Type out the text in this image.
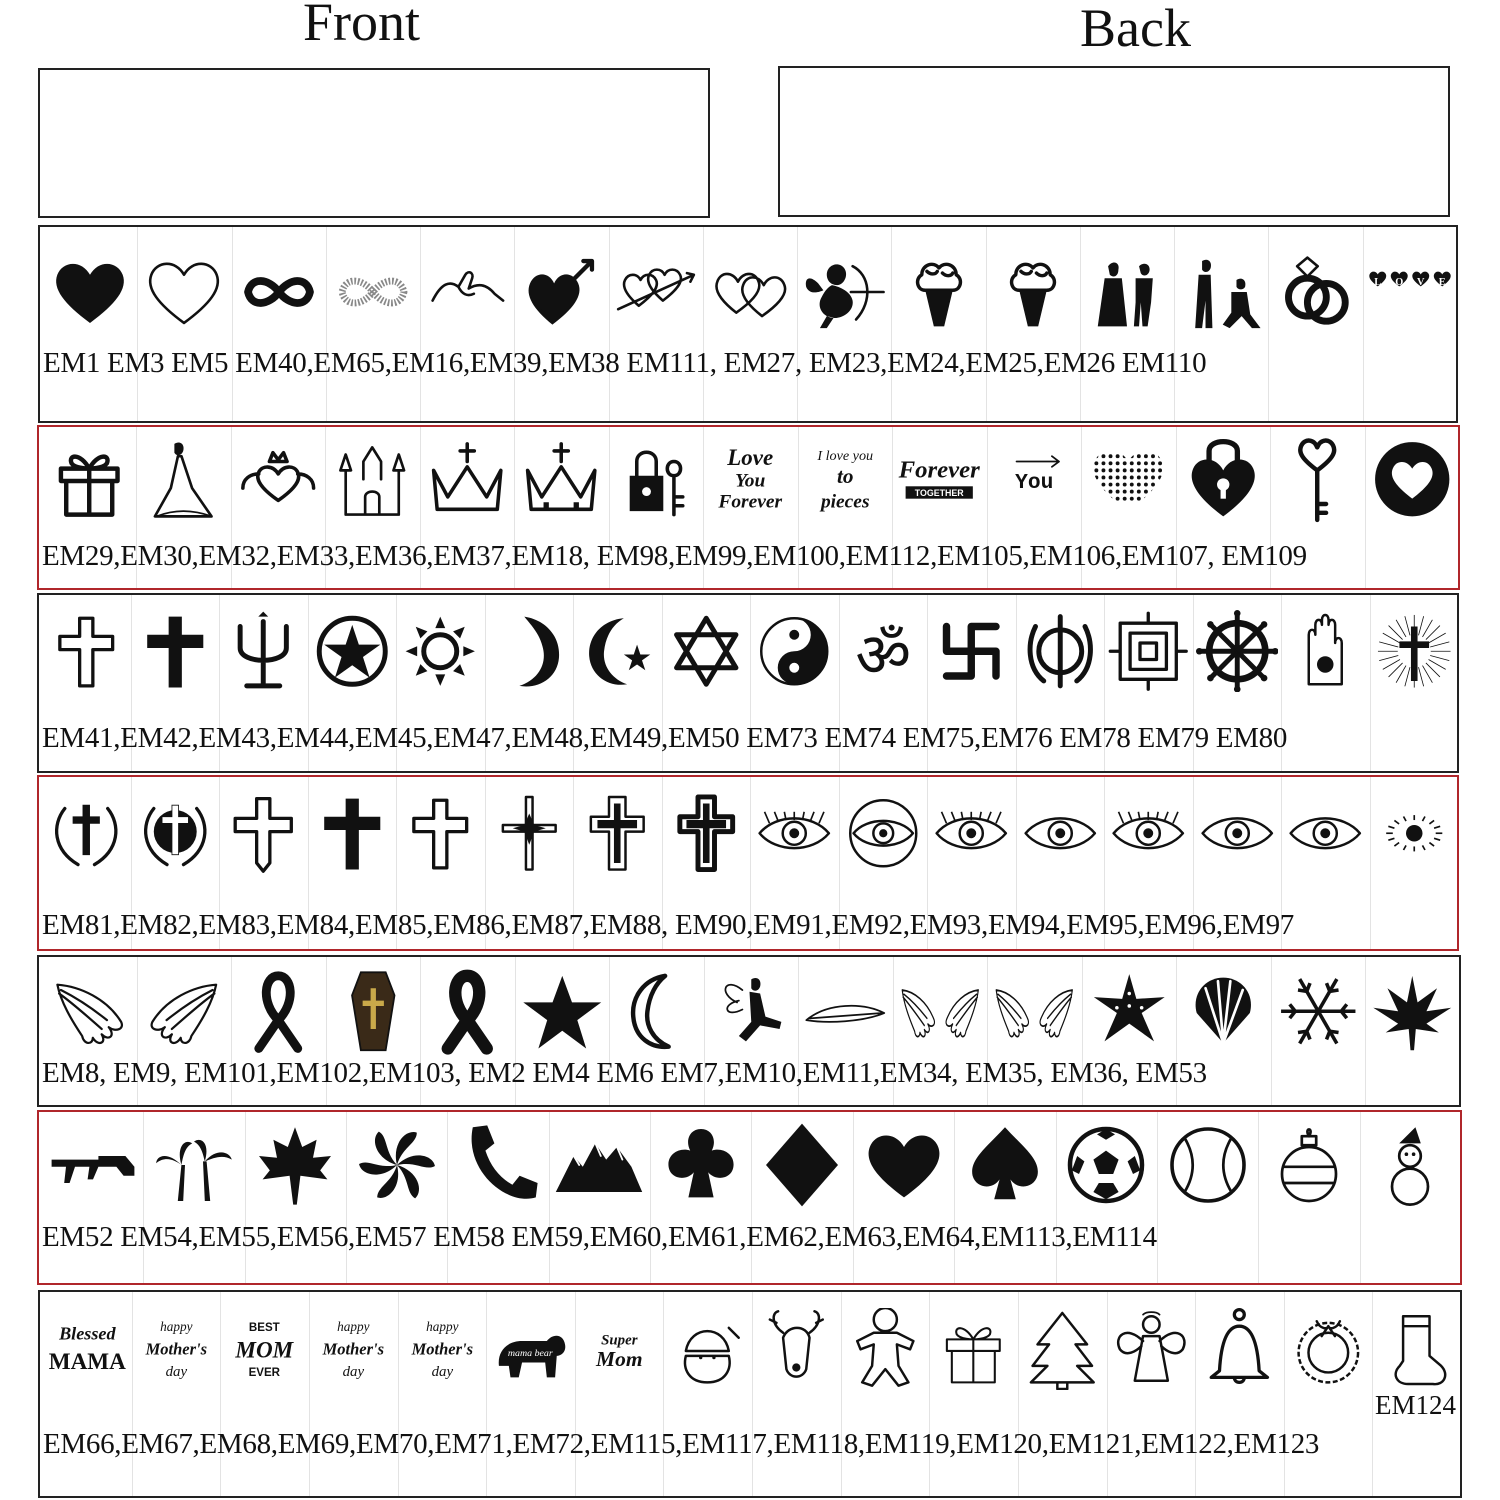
Front	Back
L O V E
EM1 EM3 EM5 EM40,EM65,EM16,EM39,EM38 EM111, EM27, EM23,EM24,EM25,EM26 EM110
Love
You
Forever
I love you
to
pieces
Forever
TOGETHER You
EM29,EM30,EM32,EM33,EM36,EM37,EM18, EM98,EM99,EM100,EM112,EM105,EM106,EM107, EM109
ॐ
EM41,EM42,EM43,EM44,EM45,EM47,EM48,EM49,EM50 EM73 EM74 EM75,EM76 EM78 EM79 EM80
EM81,EM82,EM83,EM84,EM85,EM86,EM87,EM88, EM90,EM91,EM92,EM93,EM94,EM95,EM96,EM97
EM8, EM9, EM101,EM102,EM103, EM2 EM4 EM6 EM7,EM10,EM11,EM34, EM35, EM36, EM53
EM52 EM54,EM55,EM56,EM57 EM58 EM59,EM60,EM61,EM62,EM63,EM64,EM113,EM114
Blessed
MAMA
happy
Mother's
day
BEST
MOM
EVER
happy
Mother's
day
happy
Mother's
day
mama bear
Super
Mom
EM66,EM67,EM68,EM69,EM70,EM71,EM72,EM115,EM117,EM118,EM119,EM120,EM121,EM122,EM123
EM124
